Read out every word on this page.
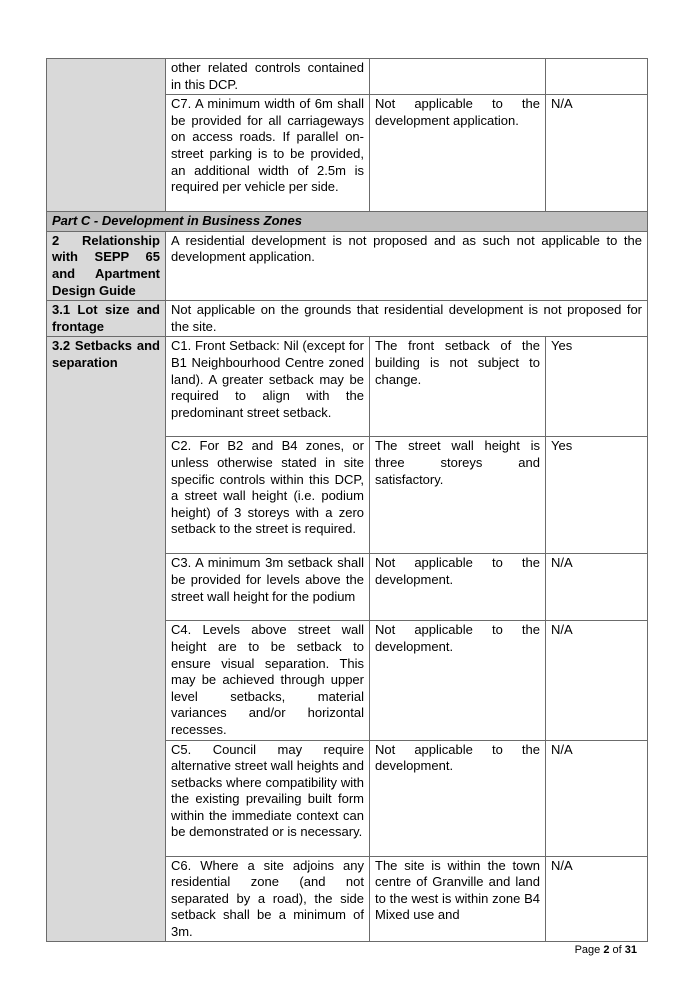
	other related controls contained in this DCP.		
	C7. A minimum width of 6m shall be provided for all carriageways on access roads. If parallel on-street parking is to be provided, an additional width of 2.5m is required per vehicle per side.	Not applicable to the development application.	N/A
Part C - Development in Business Zones			
2 Relationship with SEPP 65 and Apartment Design Guide	A residential development is not proposed and as such not applicable to the development application.		
3.1 Lot size and frontage	Not applicable on the grounds that residential development is not proposed for the site.		
3.2 Setbacks and separation	C1. Front Setback: Nil (except for B1 Neighbourhood Centre zoned land). A greater setback may be required to align with the predominant street setback.	The front setback of the building is not subject to change.	Yes
	C2. For B2 and B4 zones, or unless otherwise stated in site specific controls within this DCP, a street wall height (i.e. podium height) of 3 storeys with a zero setback to the street is required.	The street wall height is three storeys and satisfactory.	Yes
	C3. A minimum 3m setback shall be provided for levels above the street wall height for the podium	Not applicable to the development.	N/A
	C4. Levels above street wall height are to be setback to ensure visual separation. This may be achieved through upper level setbacks, material variances and/or horizontal recesses.	Not applicable to the development.	N/A
	C5. Council may require alternative street wall heights and setbacks where compatibility with the existing prevailing built form within the immediate context can be demonstrated or is necessary.	Not applicable to the development.	N/A
	C6. Where a site adjoins any residential zone (and not separated by a road), the side setback shall be a minimum of 3m.	The site is within the town centre of Granville and land to the west is within zone B4 Mixed use and	N/A
Page 2 of 31
